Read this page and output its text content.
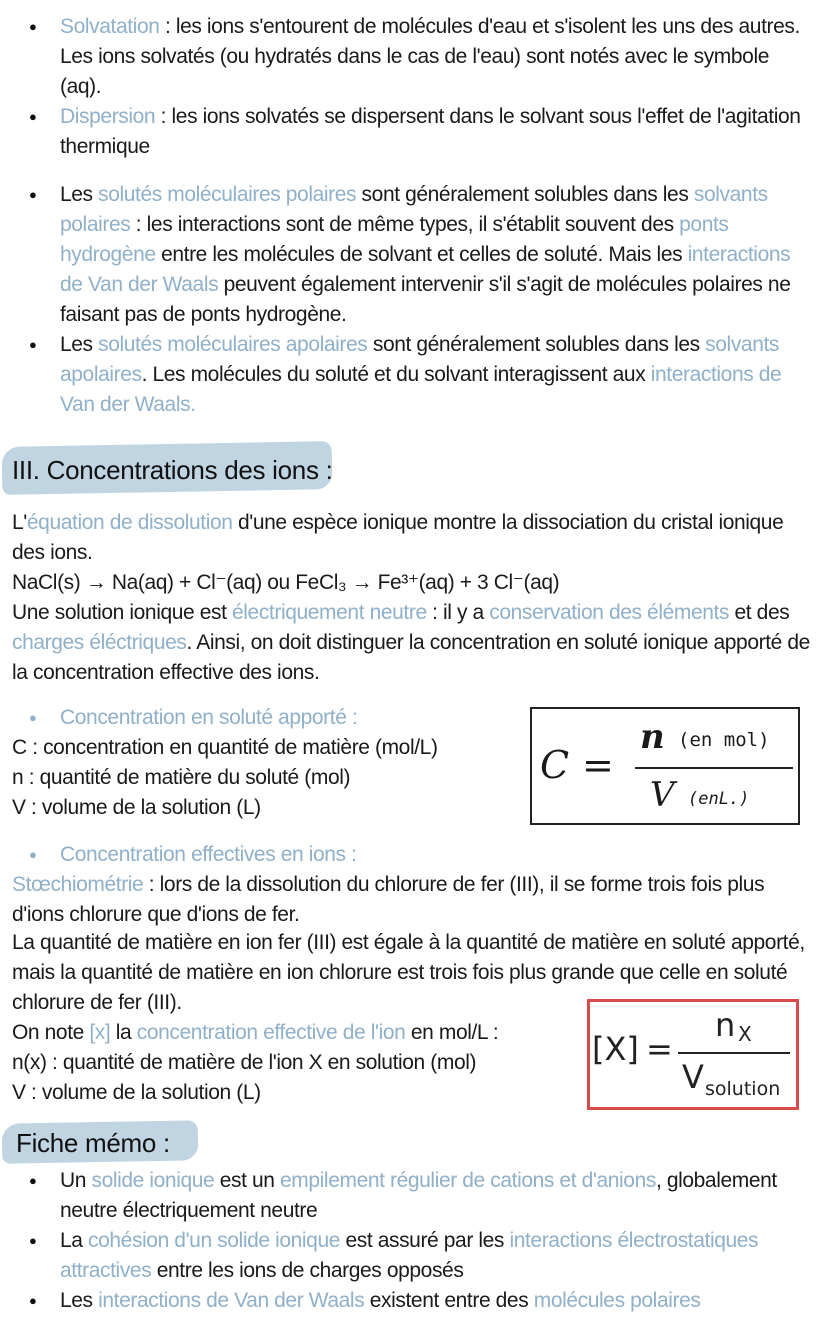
● Solvatation : les ions s'entourent de molécules d'eau et s'isolent les uns des autres. Les ions solvatés (ou hydratés dans le cas de l'eau) sont notés avec le symbole (aq).
● Dispersion : les ions solvatés se dispersent dans le solvant sous l'effet de l'agitation thermique
● Les solutés moléculaires polaires sont généralement solubles dans les solvants polaires : les interactions sont de même types, il s'établit souvent des ponts hydrogène entre les molécules de solvant et celles de soluté. Mais les interactions de Van der Waals peuvent également intervenir s'il s'agit de molécules polaires ne faisant pas de ponts hydrogène.
● Les solutés moléculaires apolaires sont généralement solubles dans les solvants apolaires. Les molécules du soluté et du solvant interagissent aux interactions de Van der Waals.
III. Concentrations des ions :
L'équation de dissolution d'une espèce ionique montre la dissociation du cristal ionique des ions.
NaCl(s) → Na(aq) + Cl⁻(aq) ou FeCl₃ → Fe³⁺(aq) + 3 Cl⁻(aq)
Une solution ionique est électriquement neutre : il y a conservation des éléments et des charges éléctriques. Ainsi, on doit distinguer la concentration en soluté ionique apporté de la concentration effective des ions.
● Concentration en soluté apporté :
C : concentration en quantité de matière (mol/L)
n : quantité de matière du soluté (mol)
V : volume de la solution (L)
C =
n (en mol)
V (enL.)
● Concentration effectives en ions :
Stœchiométrie : lors de la dissolution du chlorure de fer (III), il se forme trois fois plus d'ions chlorure que d'ions de fer.
La quantité de matière en ion fer (III) est égale à la quantité de matière en soluté apporté, mais la quantité de matière en ion chlorure est trois fois plus grande que celle en soluté chlorure de fer (III).
On note [x] la concentration effective de l'ion en mol/L :
n(x) : quantité de matière de l'ion X en solution (mol)
V : volume de la solution (L)
[X] =
n X
V solution
Fiche mémo :
● Un solide ionique est un empilement régulier de cations et d'anions, globalement neutre électriquement neutre
● La cohésion d'un solide ionique est assuré par les interactions électrostatiques attractives entre les ions de charges opposés
● Les interactions de Van der Waals existent entre des molécules polaires
